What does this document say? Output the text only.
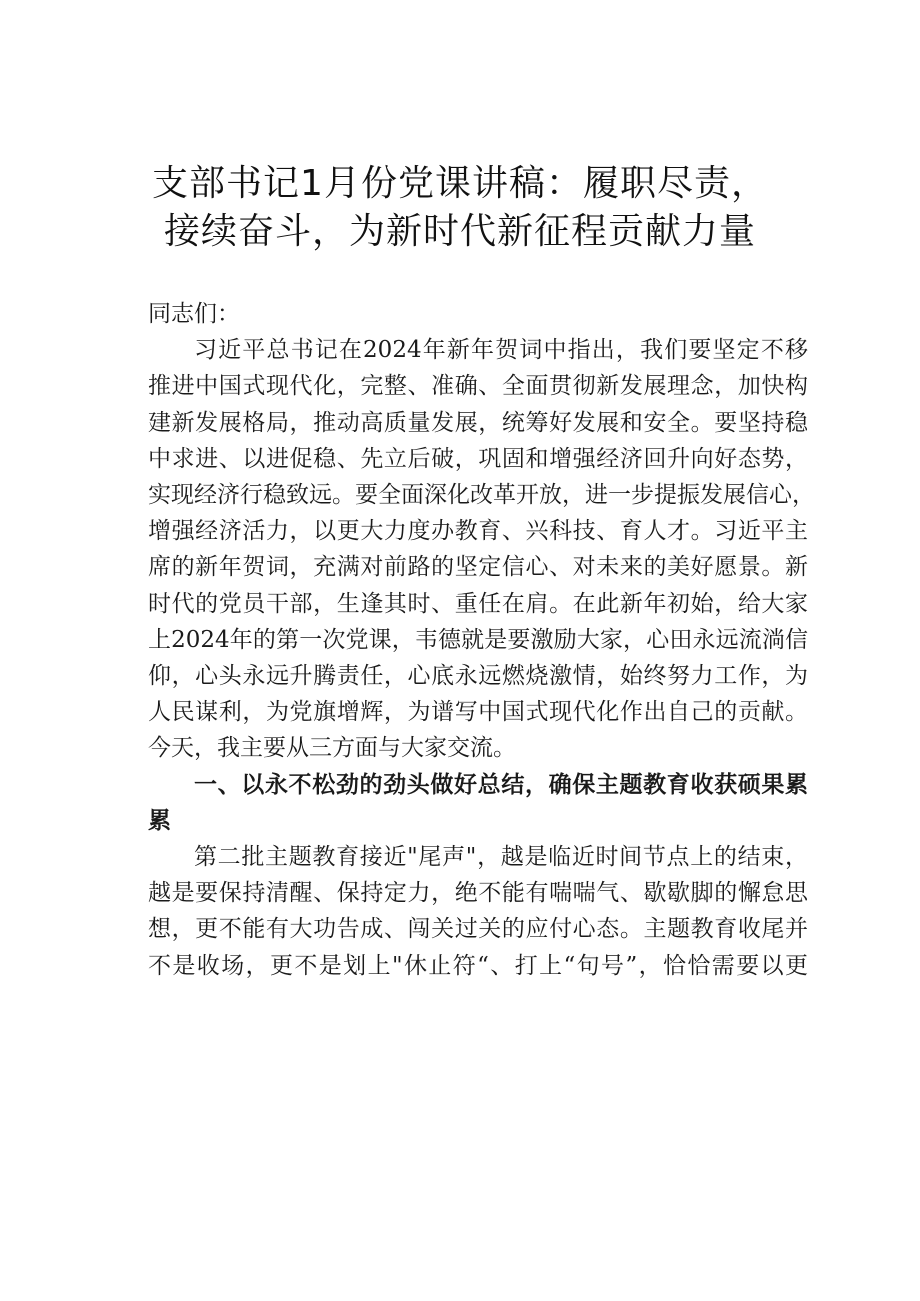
支部书记1月份党课讲稿：履职尽责，
接续奋斗，为新时代新征程贡献力量
同志们：
习近平总书记在2024年新年贺词中指出，我们要坚定不移
推进中国式现代化，完整、准确、全面贯彻新发展理念，加快构
建新发展格局，推动高质量发展，统筹好发展和安全。要坚持稳
中求进、以进促稳、先立后破，巩固和增强经济回升向好态势，
实现经济行稳致远。要全面深化改革开放，进一步提振发展信心，
增强经济活力，以更大力度办教育、兴科技、育人才。习近平主
席的新年贺词，充满对前路的坚定信心、对未来的美好愿景。新
时代的党员干部，生逢其时、重任在肩。在此新年初始，给大家
上2024年的第一次党课，韦德就是要激励大家，心田永远流淌信
仰，心头永远升腾责任，心底永远燃烧激情，始终努力工作，为
人民谋利，为党旗增辉，为谱写中国式现代化作出自己的贡献。
今天，我主要从三方面与大家交流。
一、以永不松劲的劲头做好总结，确保主题教育收获硕果累
累
第二批主题教育接近"尾声"，越是临近时间节点上的结束，
越是要保持清醒、保持定力，绝不能有喘喘气、歇歇脚的懈怠思
想，更不能有大功告成、闯关过关的应付心态。主题教育收尾并
不是收场，更不是划上"休止符“、打上“句号”，恰恰需要以更
